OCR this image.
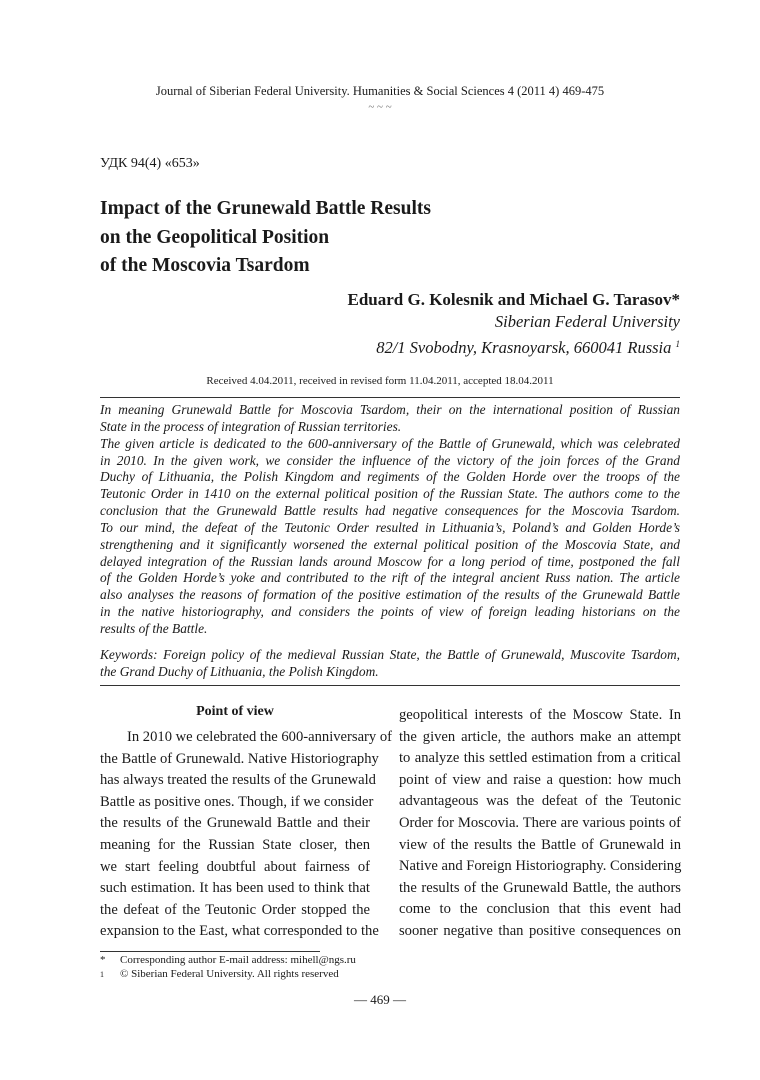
Journal of Siberian Federal University. Humanities & Social Sciences 4 (2011 4) 469-475
~ ~ ~
УДК 94(4) «653»
Impact of the Grunewald Battle Results
on the Geopolitical Position
of the Moscovia Tsardom
Eduard G. Kolesnik and Michael G. Tarasov*
Siberian Federal University
82/1 Svobodny, Krasnoyarsk, 660041 Russia $^1$
Received 4.04.2011, received in revised form 11.04.2011, accepted 18.04.2011
In meaning Grunewald Battle for Moscovia Tsardom, their on the international position of Russian
State in the process of integration of Russian territories.
The given article is dedicated to the 600-anniversary of the Battle of Grunewald, which was celebrated
in 2010. In the given work, we consider the influence of the victory of the join forces of the Grand
Duchy of Lithuania, the Polish Kingdom and regiments of the Golden Horde over the troops of the
Teutonic Order in 1410 on the external political position of the Russian State. The authors come to the
conclusion that the Grunewald Battle results had negative consequences for the Moscovia Tsardom.
To our mind, the defeat of the Teutonic Order resulted in Lithuania’s, Poland’s and Golden Horde’s
strengthening and it significantly worsened the external political position of the Moscovia State, and
delayed integration of the Russian lands around Moscow for a long period of time, postponed the fall
of the Golden Horde’s yoke and contributed to the rift of the integral ancient Russ nation. The article
also analyses the reasons of formation of the positive estimation of the results of the Grunewald Battle
in the native historiography, and considers the points of view of foreign leading historians on the
results of the Battle.
Keywords: Foreign policy of the medieval Russian State, the Battle of Grunewald, Muscovite Tsardom,
the Grand Duchy of Lithuania, the Polish Kingdom.
Point of view
In 2010 we celebrated the 600-anniversary of
the Battle of Grunewald. Native Historiography
has always treated the results of the Grunewald
Battle as positive ones. Though, if we consider
the results of the Grunewald Battle and their
meaning for the Russian State closer, then
we start feeling doubtful about fairness of
such estimation. It has been used to think that
the defeat of the Teutonic Order stopped the
expansion to the East, what corresponded to the
geopolitical interests of the Moscow State. In
the given article, the authors make an attempt
to analyze this settled estimation from a critical
point of view and raise a question: how much
advantageous was the defeat of the Teutonic
Order for Moscovia. There are various points of
view of the results the Battle of Grunewald in
Native and Foreign Historiography. Considering
the results of the Grunewald Battle, the authors
come to the conclusion that this event had
sooner negative than positive consequences on
* Corresponding author E-mail address: mihell@ngs.ru
1 © Siberian Federal University. All rights reserved
— 469 —
